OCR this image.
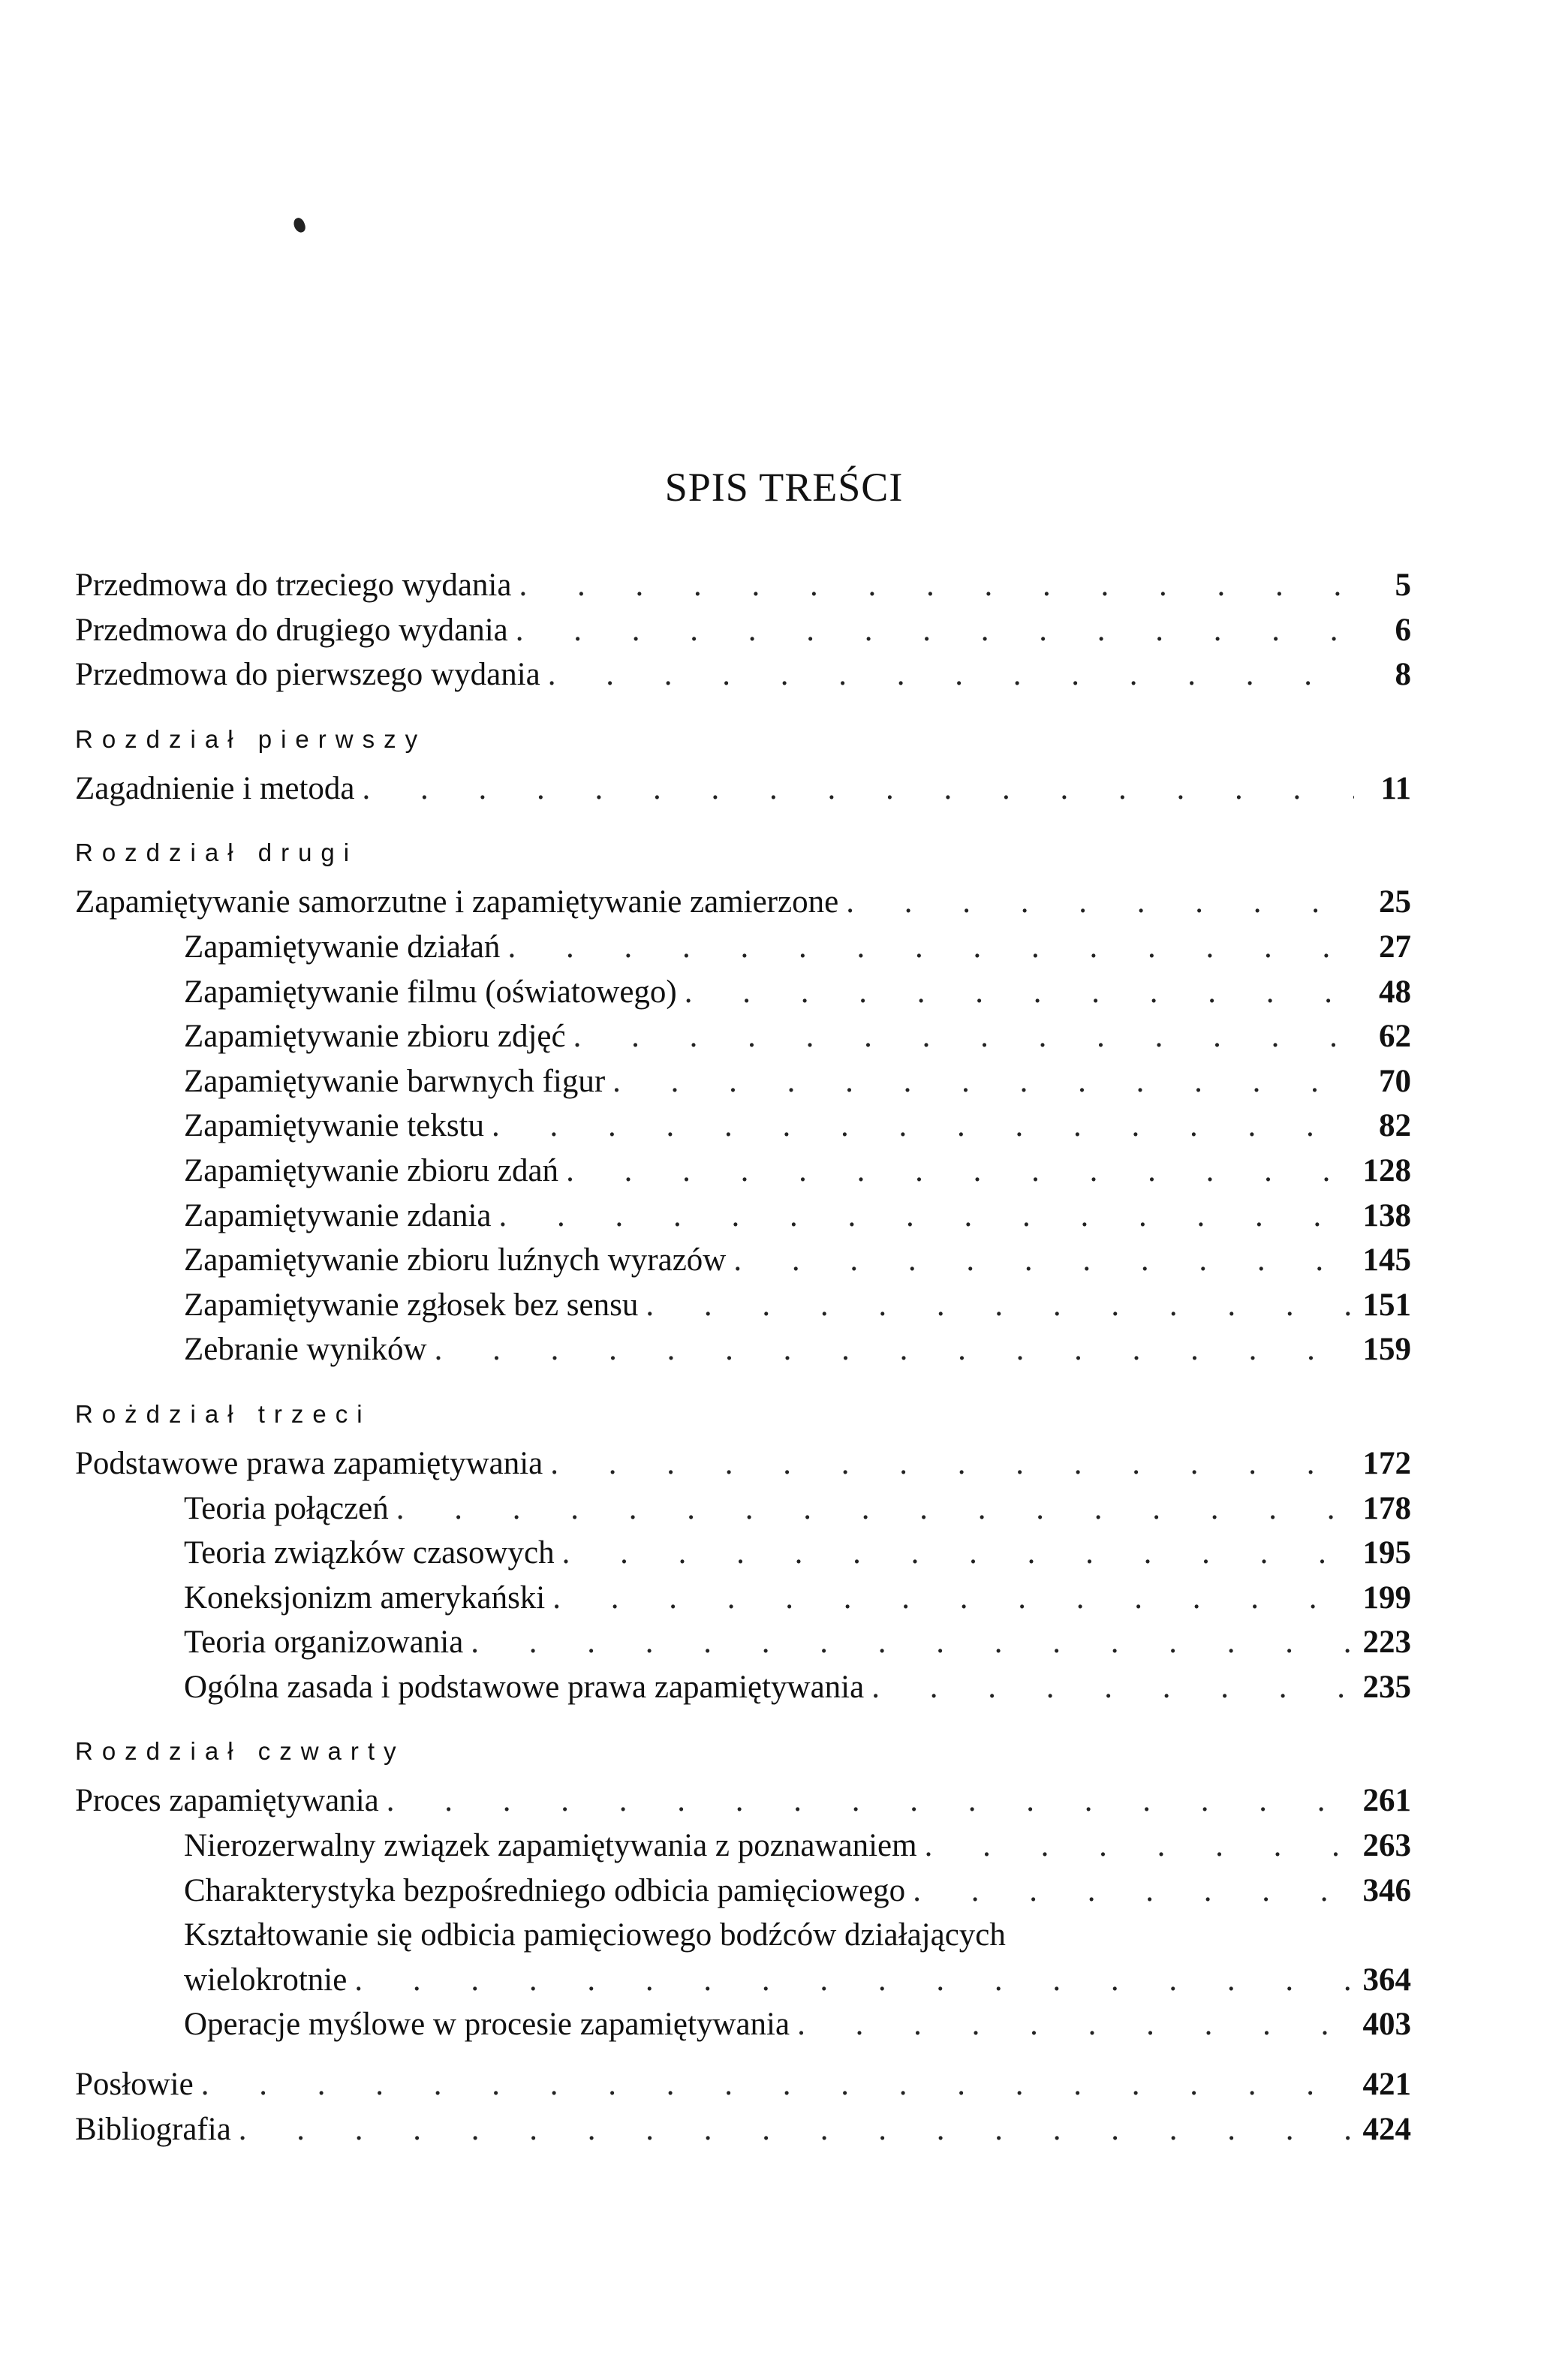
SPIS TREŚCI
Przedmowa do trzeciego wydania . . .	5
Przedmowa do drugiego wydania . . .	6
Przedmowa do pierwszego wydania . . .	8
Rozdział pierwszy
Zagadnienie i metoda . . .	11
Rozdział drugi
Zapamiętywanie samorzutne i zapamiętywanie zamierzone . . .	25
Zapamiętywanie działań . . .	27
Zapamiętywanie filmu (oświatowego) . . .	48
Zapamiętywanie zbioru zdjęć . . .	62
Zapamiętywanie barwnych figur . . .	70
Zapamiętywanie tekstu . . .	82
Zapamiętywanie zbioru zdań . . .	128
Zapamiętywanie zdania . . .	138
Zapamiętywanie zbioru luźnych wyrazów . . .	145
Zapamiętywanie zgłosek bez sensu . . .	151
Zebranie wyników . . .	159
Rożdział trzeci
Podstawowe prawa zapamiętywania . . .	172
Teoria połączeń . . .	178
Teoria związków czasowych . . .	195
Koneksjonizm amerykański . . .	199
Teoria organizowania . . .	223
Ogólna zasada i podstawowe prawa zapamiętywania . . .	235
Rozdział czwarty
Proces zapamiętywania . . .	261
Nierozerwalny związek zapamiętywania z poznawaniem . . .	263
Charakterystyka bezpośredniego odbicia pamięciowego . . .	346
Kształtowanie się odbicia pamięciowego bodźców działających
wielokrotnie . . .	364
Operacje myślowe w procesie zapamiętywania . . .	403
Posłowie . . .	421
Bibliografia . . .	424
